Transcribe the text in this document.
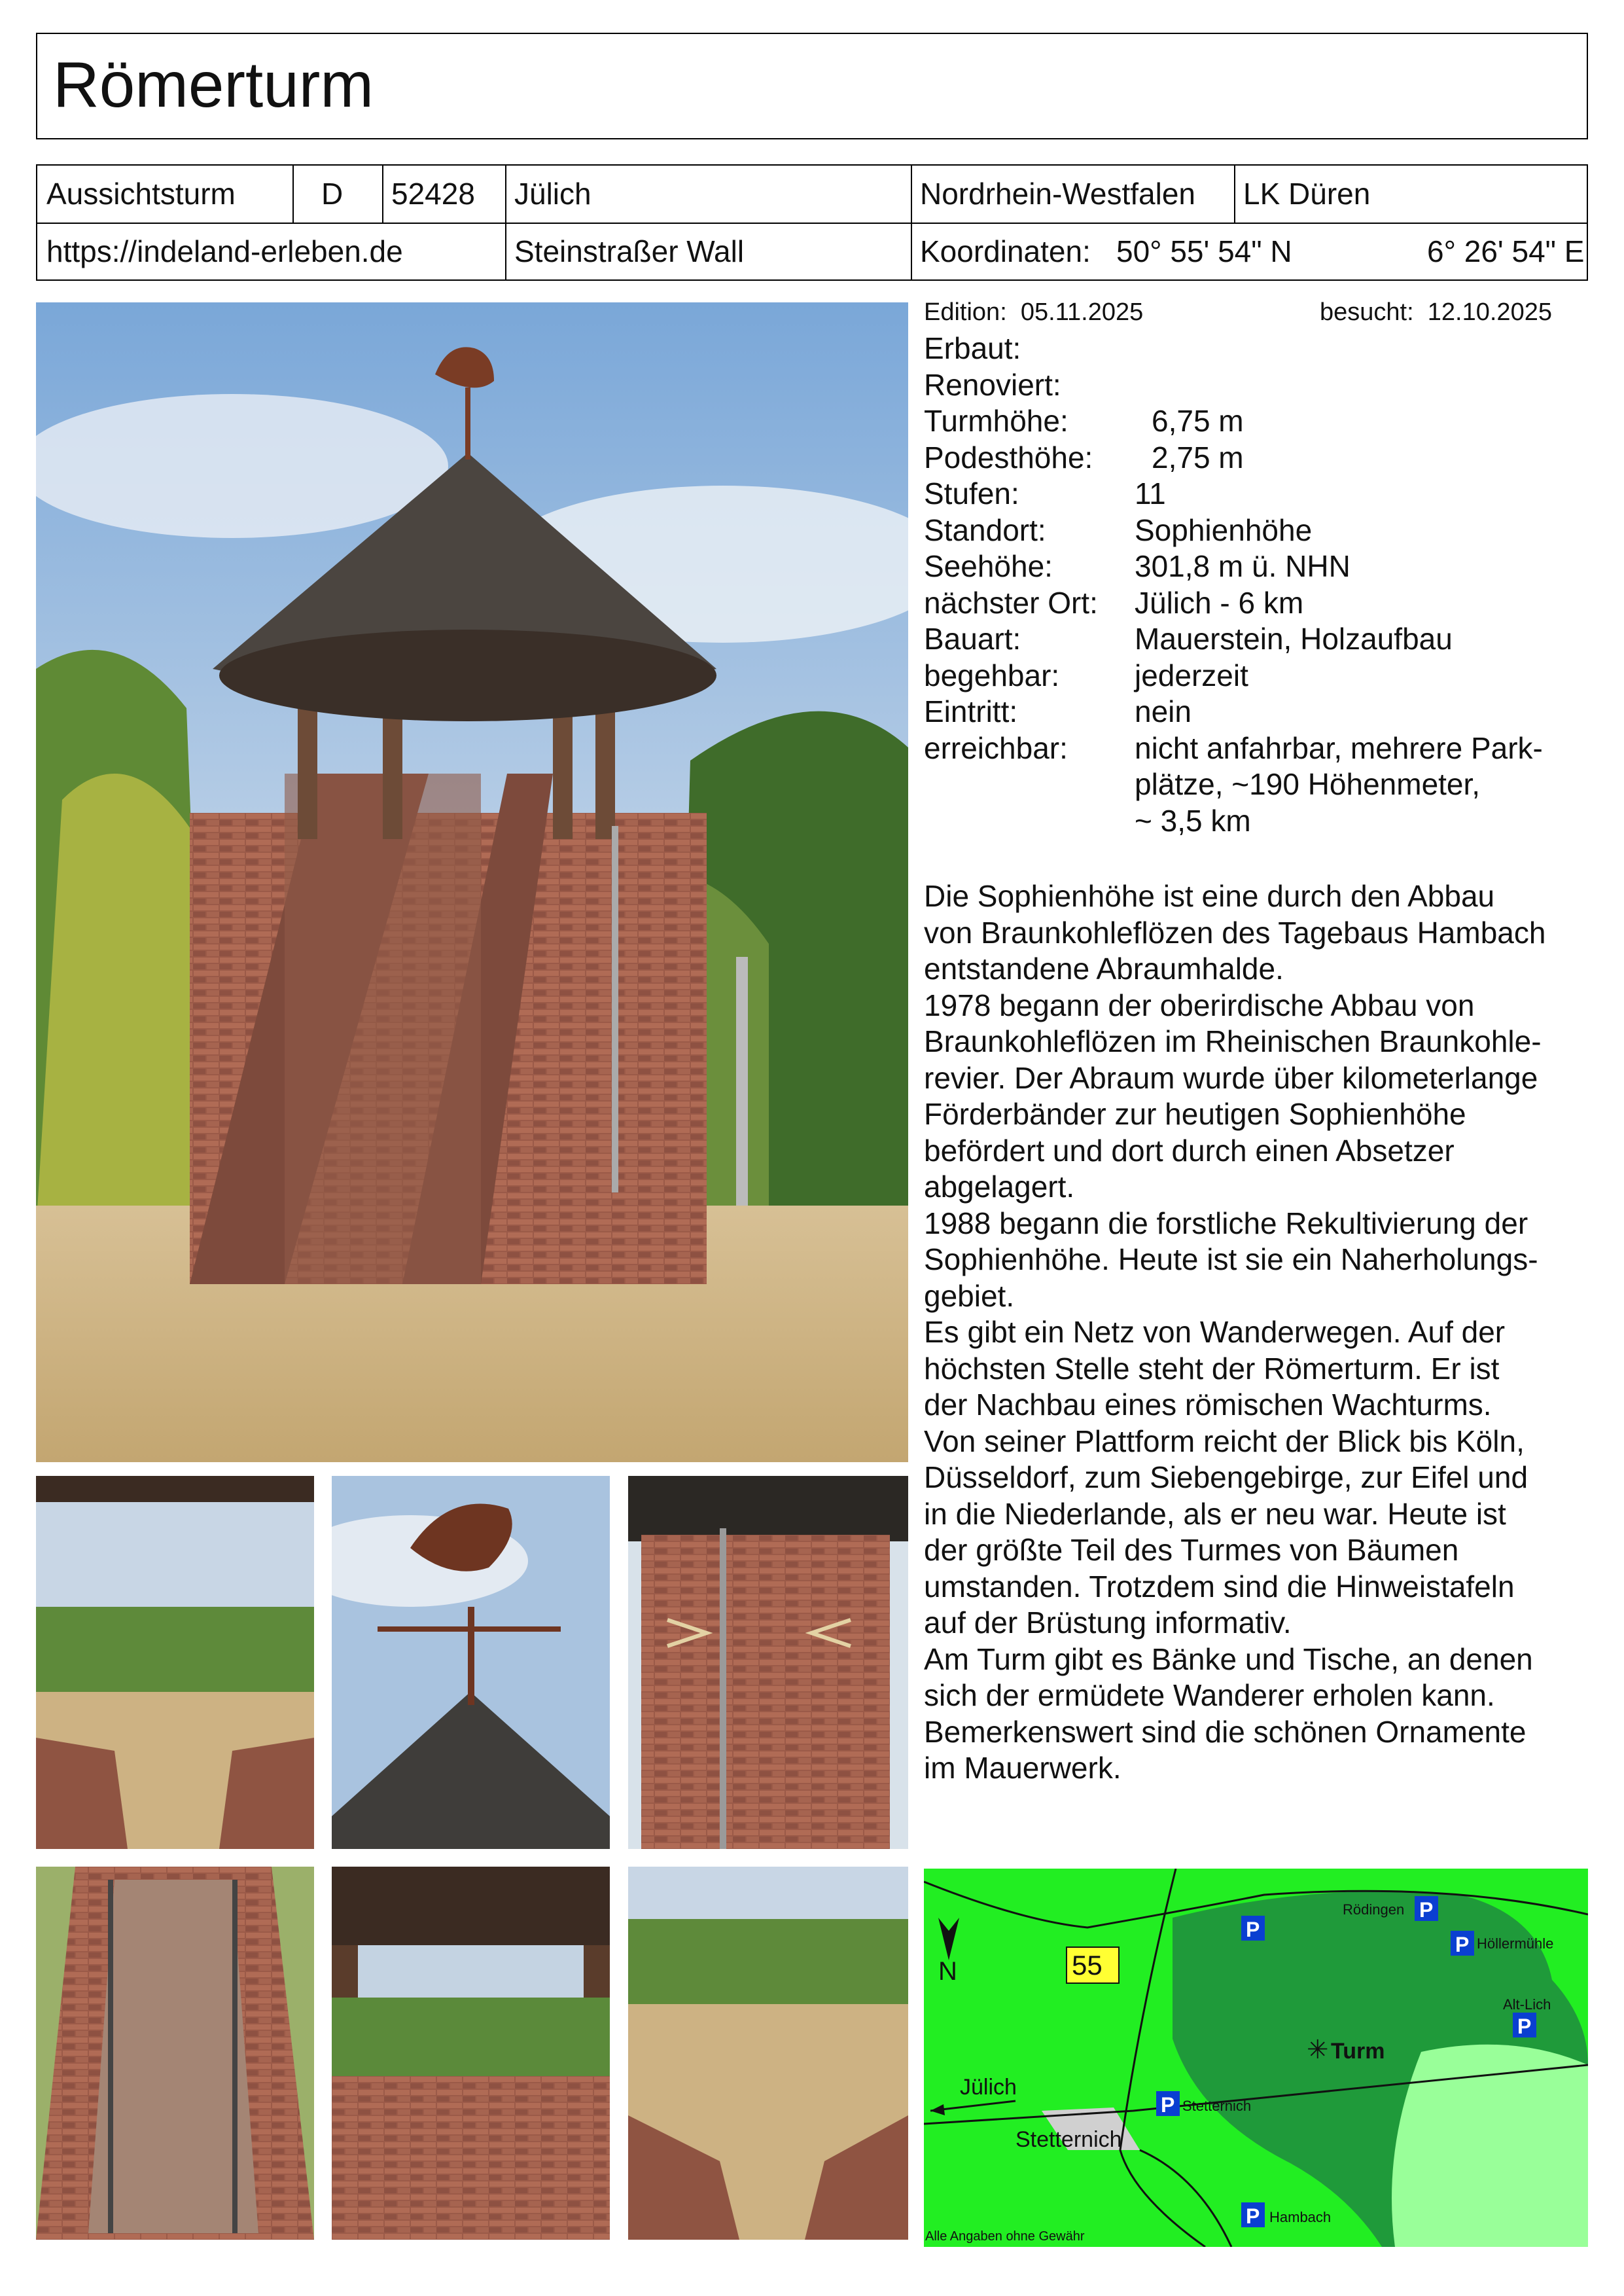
Römerturm
Aussichtsturm	D	52428	Jülich	Nordrhein-Westfalen	LK Düren
https://indeland-erleben.de	Steinstraßer Wall	Koordinaten: 50° 55' 54" N	6° 26' 54" E
Edition: 05.11.2025	besucht: 12.10.2025
Erbaut:
Renoviert:
Turmhöhe:	6,75 m
Podesthöhe: 2,75 m
Stufen:	11
Standort:	Sophienhöhe
Seehöhe:	301,8 m ü. NHN
nächster Ort: Jülich - 6 km
Bauart:	Mauerstein, Holzaufbau
begehbar: jederzeit
Eintritt:	nein
erreichbar: nicht anfahrbar, mehrere Park-
plätze, ~190 Höhenmeter,
~ 3,5 km

Die Sophienhöhe ist eine durch den Abbau

von Braunkohleflözen des Tagebaus Hambach

entstandene Abraumhalde.

1978 begann der oberirdische Abbau von

Braunkohleflözen im Rheinischen Braunkohle-

revier. Der Abraum wurde über kilometerlange

Förderbänder zur heutigen Sophienhöhe

befördert und dort durch einen Absetzer

abgelagert.

1988 begann die forstliche Rekultivierung der

Sophienhöhe. Heute ist sie ein Naherholungs-

gebiet.

Es gibt ein Netz von Wanderwegen. Auf der

höchsten Stelle steht der Römerturm. Er ist

der Nachbau eines römischen Wachturms.

Von seiner Plattform reicht der Blick bis Köln,

Düsseldorf, zum Siebengebirge, zur Eifel und

in die Niederlande, als er neu war. Heute ist

der größte Teil des Turmes von Bäumen

umstanden. Trotzdem sind die Hinweistafeln

auf der Brüstung informativ.

Am Turm gibt es Bänke und Tische, an denen

sich der ermüdete Wanderer erholen kann.

Bemerkenswert sind die schönen Ornamente

im Mauerwerk.

N	55
✳ Turm
P
P
P
P
P
P
Rödingen
Höllermühle
Alt-Lich
Stetternich
Hambach
Jülich
Stetternich
Alle Angaben ohne Gewähr
